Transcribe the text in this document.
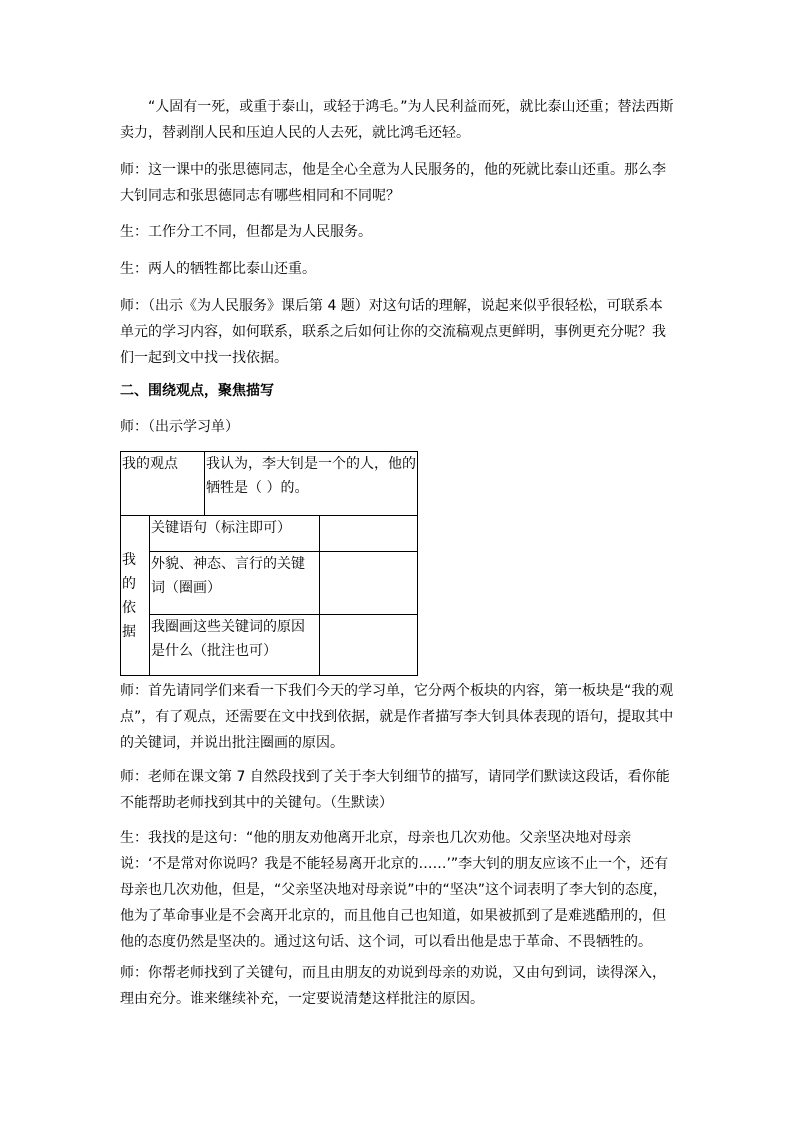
“人固有一死，或重于泰山，或轻于鸿毛。”为人民利益而死，就比泰山还重；替法西斯卖力，替剥削人民和压迫人民的人去死，就比鸿毛还轻。

师：这一课中的张思德同志，他是全心全意为人民服务的，他的死就比泰山还重。那么李大钊同志和张思德同志有哪些相同和不同呢？

生：工作分工不同，但都是为人民服务。

生：两人的牺牲都比泰山还重。

师：（出示《为人民服务》课后第 4 题）对这句话的理解，说起来似乎很轻松，可联系本单元的学习内容，如何联系，联系之后如何让你的交流稿观点更鲜明，事例更充分呢？我们一起到文中找一找依据。

二、围绕观点，聚焦描写

师：（出示学习单）

我的观点		我认为，李大钊是一个的人，他的牺牲是（ ）的。	
我 的依据	关键语句（标注即可）		
	外貌、神态、言行的关键词（圈画）		
	我圈画这些关键词的原因是什么（批注也可）		

师：首先请同学们来看一下我们今天的学习单，它分两个板块的内容，第一板块是“我的观点”，有了观点，还需要在文中找到依据，就是作者描写李大钊具体表现的语句，提取其中的关键词，并说出批注圈画的原因。

师：老师在课文第 7 自然段找到了关于李大钊细节的描写，请同学们默读这段话，看你能不能帮助老师找到其中的关键句。（生默读）

生：我找的是这句：“他的朋友劝他离开北京，母亲也几次劝他。父亲坚决地对母亲说：‘不是常对你说吗？我是不能轻易离开北京的……’”李大钊的朋友应该不止一个，还有母亲也几次劝他，但是，“父亲坚决地对母亲说”中的“坚决”这个词表明了李大钊的态度，他为了革命事业是不会离开北京的，而且他自己也知道，如果被抓到了是难逃酷刑的，但他的态度仍然是坚决的。通过这句话、这个词，可以看出他是忠于革命、不畏牺牲的。

师：你帮老师找到了关键句，而且由朋友的劝说到母亲的劝说，又由句到词，读得深入，理由充分。谁来继续补充，一定要说清楚这样批注的原因。
